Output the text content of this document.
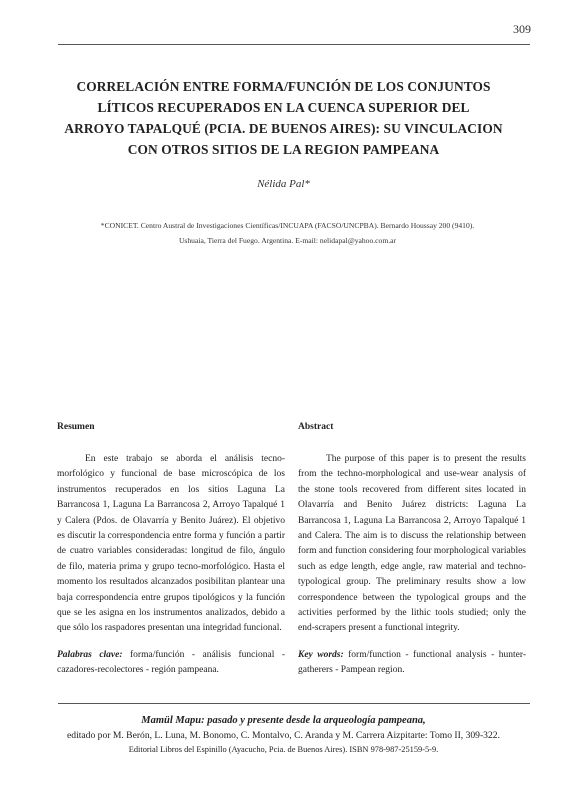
309
CORRELACIÓN ENTRE FORMA/FUNCIÓN DE LOS CONJUNTOS
LÍTICOS RECUPERADOS EN LA CUENCA SUPERIOR DEL
ARROYO TAPALQUÉ (PCIA. DE BUENOS AIRES): SU VINCULACION
CON OTROS SITIOS DE LA REGION PAMPEANA
Nélida Pal*
*CONICET. Centro Austral de Investigaciones Científicas/INCUAPA (FACSO/UNCPBA). Bernardo Houssay 200 (9410).
Ushuaia, Tierra del Fuego. Argentina. E-mail: nelidapal@yahoo.com.ar
Resumen

En este trabajo se aborda el análisis tecno-morfológico y funcional de base microscópica de los instrumentos recuperados en los sitios Laguna La Barrancosa 1, Laguna La Barrancosa 2, Arroyo Tapalqué 1 y Calera (Pdos. de Olavarría y Benito Juárez). El objetivo es discutir la correspondencia entre forma y función a partir de cuatro variables consideradas: longitud de filo, ángulo de filo, materia prima y grupo tecno-morfológico. Hasta el momento los resultados alcanzados posibilitan plantear una baja correspondencia entre grupos tipológicos y la función que se les asigna en los instrumentos analizados, debido a que sólo los raspadores presentan una integridad funcional.

Palabras clave: forma/función - análisis funcional - cazadores-recolectores - región pampeana.

Abstract

The purpose of this paper is to present the results from the techno-morphological and use-wear analysis of the stone tools recovered from different sites located in Olavarría and Benito Juárez districts: Laguna La Barrancosa 1, Laguna La Barrancosa 2, Arroyo Tapalqué 1 and Calera. The aim is to discuss the relationship between form and function considering four morphological variables such as edge length, edge angle, raw material and techno-typological group. The preliminary results show a low correspondence between the typological groups and the activities performed by the lithic tools studied; only the end-scrapers present a functional integrity.

Key words: form/function - functional analysis - hunter-gatherers - Pampean region.

Mamül Mapu: pasado y presente desde la arqueología pampeana,
editado por M. Berón, L. Luna, M. Bonomo, C. Montalvo, C. Aranda y M. Carrera Aizpitarte: Tomo II, 309-322.
Editorial Libros del Espinillo (Ayacucho, Pcia. de Buenos Aires). ISBN 978-987-25159-5-9.
